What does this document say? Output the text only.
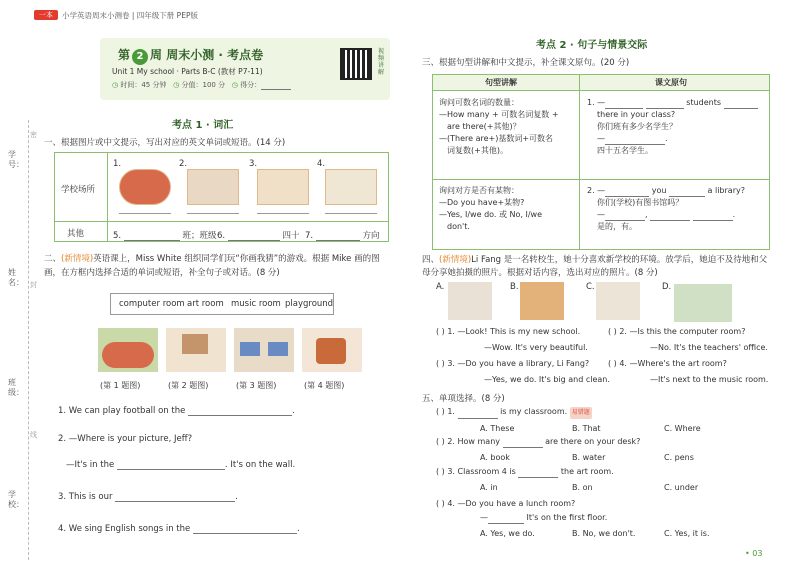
一本	小学英语周末小测卷 | 四年级下册 PEP版
第 2 周 周末小测 · 考点卷
Unit 1 My school · Parts B-C (教材 P7-11)
◷ 时间：45 分钟 ◷ 分值：100 分 ◷ 得分：
视频讲解
学号：
姓名：
班级：
学校：
密
封
线
考点 1 · 词汇
一、根据图片或中文提示，写出对应的英文单词或短语。(14 分)
学校场所
其他
1.	2.	3.	4.
5.	班；班级 6.	四十 7.	方向
二、(新情境)英语课上，Miss White 组织同学们玩“你画我猜”的游戏。根据 Mike 画的图画，在方框内选择合适的单词或短语，补全句子或对话。(8 分)
computer room art room music room playground
(第 1 题图)	(第 2 题图)	(第 3 题图)	(第 4 题图)
1. We can play football on the	.
2. —Where is your picture, Jeff?
—It's in the	. It's on the wall.
3. This is our	.
4. We sing English songs in the	.
考点 2 · 句子与情景交际
三、根据句型讲解和中文提示，补全课文原句。(20 分)
句型讲解	课文原句
询问可数名词的数量：
—How many + 可数名词复数 +
are there(+其他)？
—(There are+)基数词+可数名
词复数(+其他)。
1. —	students
there in your class?
你们班有多少名学生？
—	.
四十五名学生。
询问对方是否有某物：
—Do you have+某物?
—Yes, I/we do. 或 No, I/we
don't.
2. —	you	a library?
你们(学校)有图书馆吗？
—	,	.
是的，有。
四、(新情境)Li Fang 是一名转校生，她十分喜欢新学校的环境。放学后，她迫不及待地和父母分享她拍摄的照片。根据对话内容，选出对应的照片。(8 分)
A.	B.	C.	D.
( ) 1. —Look! This is my new school.
—Wow. It's very beautiful.
( ) 2. —Is this the computer room?
—No. It's the teachers' office.
( ) 3. —Do you have a library, Li Fang?
—Yes, we do. It's big and clean.
( ) 4. —Where's the art room?
—It's next to the music room.
五、单项选择。(8 分)
( ) 1.	is my classroom. 易错题
A. These	B. That	C. Where
( ) 2. How many	are there on your desk?
A. book	B. water	C. pens
( ) 3. Classroom 4 is	the art room.
A. in	B. on	C. under
( ) 4. —Do you have a lunch room?
—	It's on the first floor.
A. Yes, we do.	B. No, we don't.	C. Yes, it is.
• 03
